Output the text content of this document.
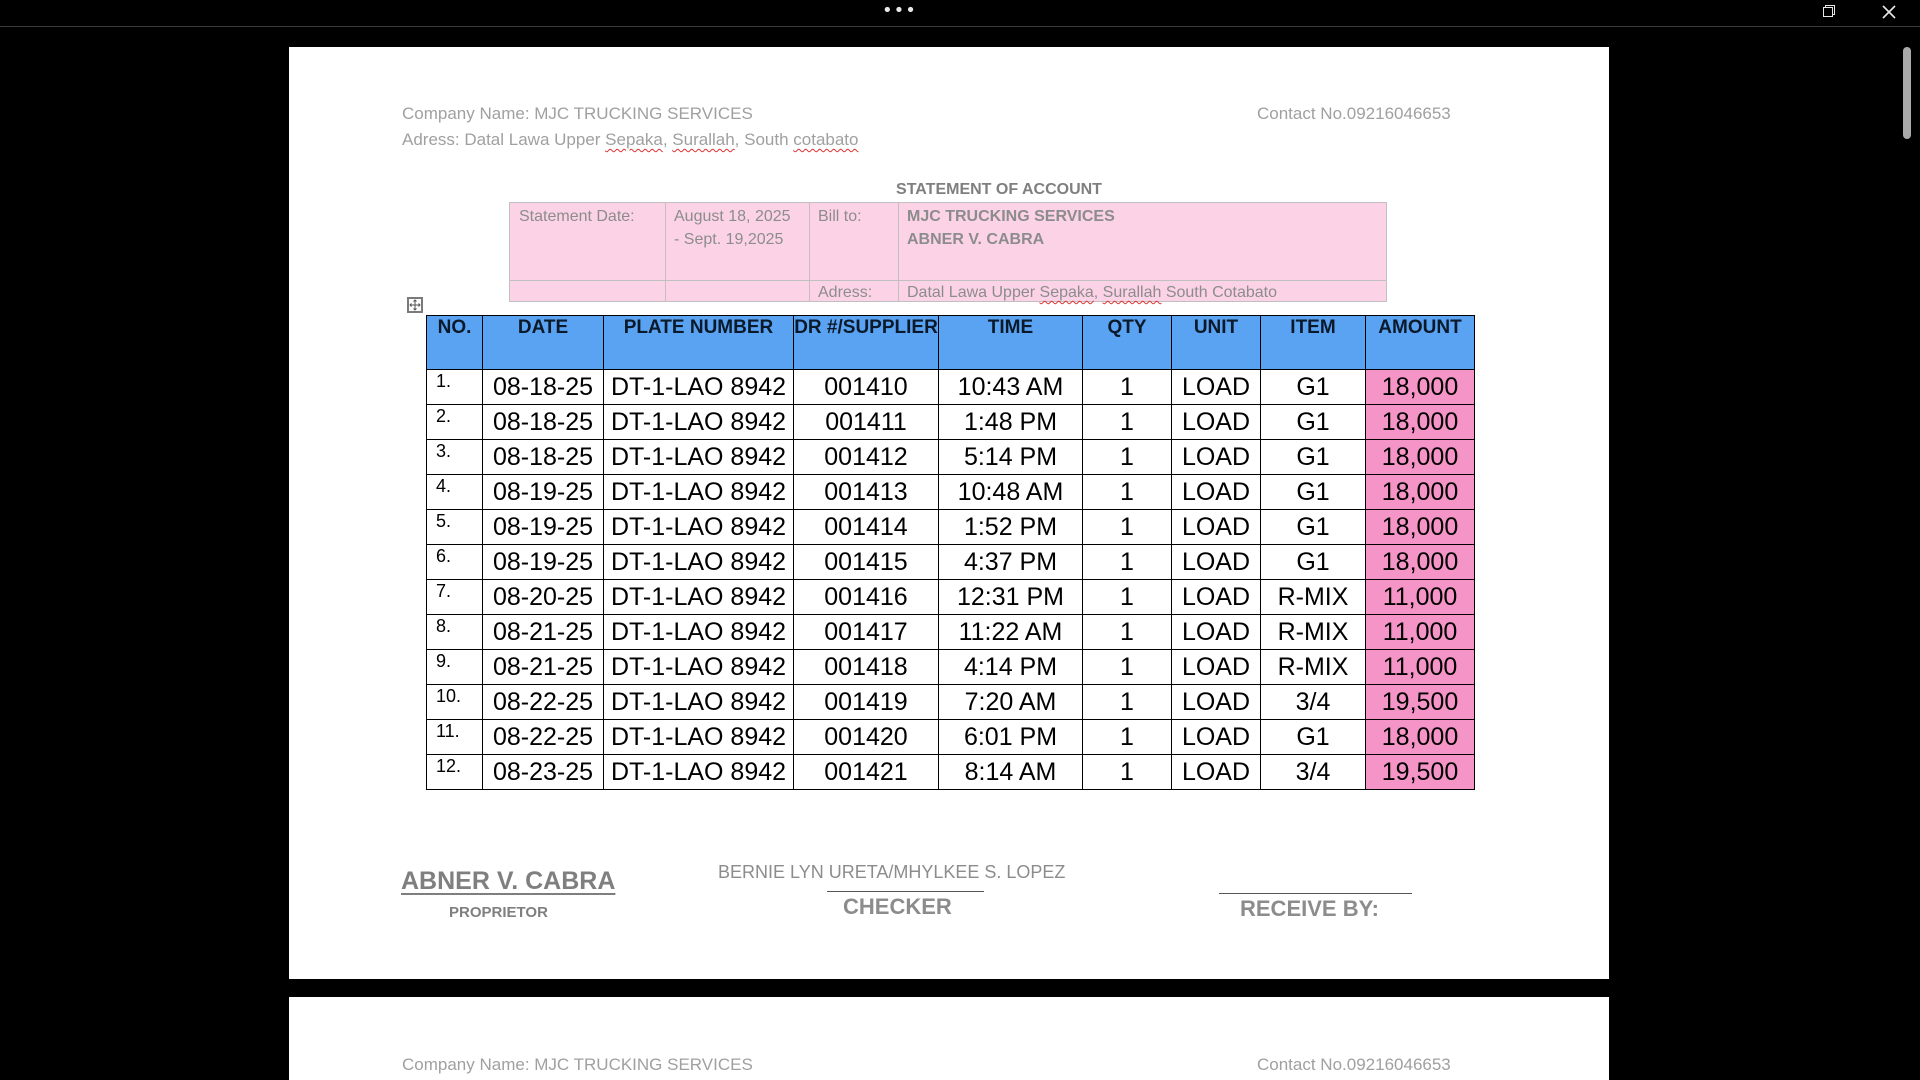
•••
Company Name: MJC TRUCKING SERVICES	Contact No.09216046653
Adress: Datal Lawa Upper Sepaka, Surallah, South cotabato
STATEMENT OF ACCOUNT
Statement Date: August 18, 2025
- Sept. 19,2025
Bill to:	MJC TRUCKING SERVICES
ABNER V. CABRA
Adress: Datal Lawa Upper Sepaka, Surallah South Cotabato
NO.	DATE	PLATE NUMBER	DR #/SUPPLIER	TIME	QTY	UNIT	ITEM	AMOUNT
1.	08-18-25	DT-1-LAO 8942	001410	10:43 AM	1	LOAD	G1	18,000
2.	08-18-25	DT-1-LAO 8942	001411	1:48 PM	1	LOAD	G1	18,000
3.	08-18-25	DT-1-LAO 8942	001412	5:14 PM	1	LOAD	G1	18,000
4.	08-19-25	DT-1-LAO 8942	001413	10:48 AM	1	LOAD	G1	18,000
5.	08-19-25	DT-1-LAO 8942	001414	1:52 PM	1	LOAD	G1	18,000
6.	08-19-25	DT-1-LAO 8942	001415	4:37 PM	1	LOAD	G1	18,000
7.	08-20-25	DT-1-LAO 8942	001416	12:31 PM	1	LOAD	R-MIX	11,000
8.	08-21-25	DT-1-LAO 8942	001417	11:22 AM	1	LOAD	R-MIX	11,000
9.	08-21-25	DT-1-LAO 8942	001418	4:14 PM	1	LOAD	R-MIX	11,000
10.	08-22-25	DT-1-LAO 8942	001419	7:20 AM	1	LOAD	3/4	19,500
11.	08-22-25	DT-1-LAO 8942	001420	6:01 PM	1	LOAD	G1	18,000
12.	08-23-25	DT-1-LAO 8942	001421	8:14 AM	1	LOAD	3/4	19,500
ABNER V. CABRA
PROPRIETOR
BERNIE LYN URETA/MHYLKEE S. LOPEZ
CHECKER	RECEIVE BY:
Company Name: MJC TRUCKING SERVICES	Contact No.09216046653
